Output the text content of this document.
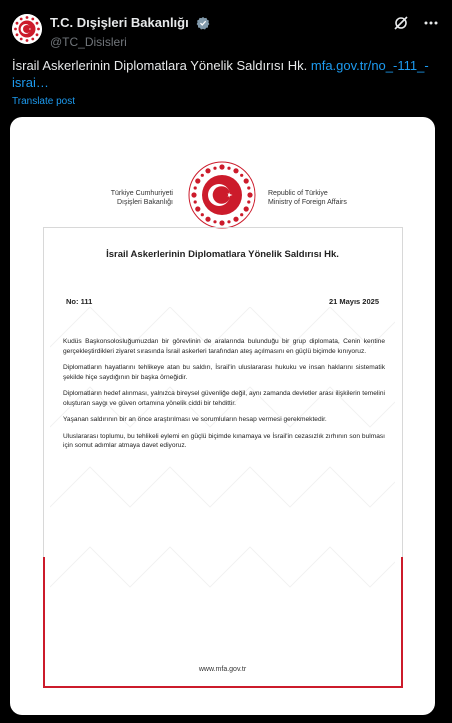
T.C. Dışişleri Bakanlığı
@TC_Disisleri
İsrail Askerlerinin Diplomatlara Yönelik Saldırısı Hk. mfa.gov.tr/no_-111_-israi…
Translate post
Türkiye Cumhuriyeti
Dışişleri Bakanlığı
Republic of Türkiye
Ministry of Foreign Affairs
İsrail Askerlerinin Diplomatlara Yönelik Saldırısı Hk.
No: 111	21 Mayıs 2025

Kudüs Başkonsolosluğumuzdan bir görevlinin de aralarında bulunduğu bir grup diplomata, Cenin kentine gerçekleştirdikleri ziyaret sırasında İsrail askerleri tarafından ateş açılmasını en güçlü biçimde kınıyoruz.

Diplomatların hayatlarını tehlikeye atan bu saldırı, İsrail'in uluslararası hukuku ve insan haklarını sistematik şekilde hiçe saydığının bir başka örneğidir.

Diplomatların hedef alınması, yalnızca bireysel güvenliğe değil, aynı zamanda devletler arası ilişkilerin temelini oluşturan saygı ve güven ortamına yönelik ciddi bir tehdittir.

Yaşanan saldırının bir an önce araştırılması ve sorumluların hesap vermesi gerekmektedir.

Uluslararası toplumu, bu tehlikeli eylemi en güçlü biçimde kınamaya ve İsrail'in cezasızlık zırhının son bulması için somut adımlar atmaya davet ediyoruz.

www.mfa.gov.tr
